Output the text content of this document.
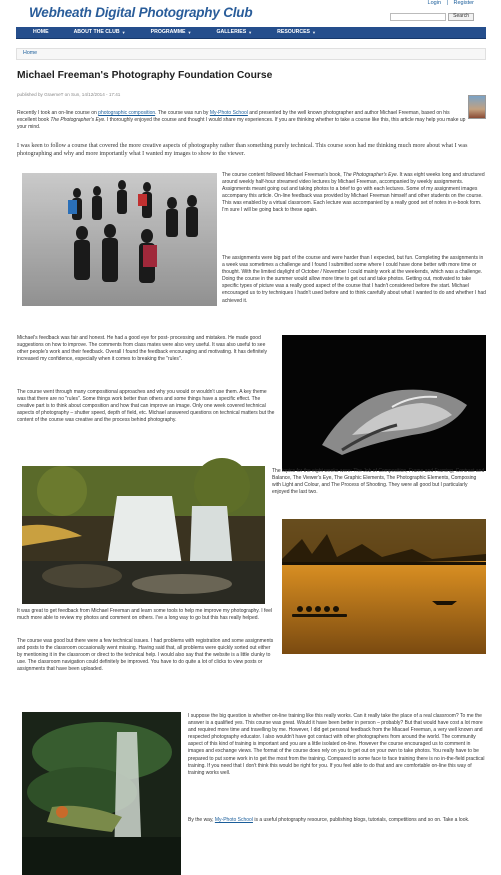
Webheath Digital Photography Club
Login | Register
Search
HOME	ABOUT THE CLUB ▼	PROGRAMME ▼	GALLERIES ▼	RESOURCES ▼
Home
Michael Freeman's Photography Foundation Course
published by GraemeT on Sun, 14/12/2014 - 17:41
Recently I took an on-line course on photographic composition. The course was run by My-Photo School and presented by the well known photographer and author Michael Freeman, based on his excellent book The Photographer's Eye. I thoroughly enjoyed the course and thought I would share my experiences. If you are thinking whether to take a course like this, this article may help you make up your mind.
I was keen to follow a course that covered the more creative aspects of photography rather than something purely technical. This course soon had me thinking much more about what I was photographing and why and more importantly what I wanted my images to show to the viewer.
The course content followed Michael Freeman's book, The Photographer's Eye. It was eight weeks long and structured around weekly half-hour streamed video lectures by Michael Freeman, accompanied by weekly assignments. Assignments meant going out and taking photos to a brief to go with each lectures. Some of my assignment images accompany this article. On-line feedback was provided by Michael Freeman himself and other students on the course. This was enabled by a virtual classroom. Each lecture was accompanied by a really good set of notes in e-book form. I'm sure I will be going back to these again.
The assignments were big part of the course and were harder than I expected, but fun. Completing the assignments in a week was sometimes a challenge and I found I submitted some where I could have done better with more time or thought. With the limited daylight of October / November I could mainly work at the weekends, which was a challenge. Doing the course in the summer would allow more time to get out and take photos. Getting out, motivated to take specific types of picture was a really good aspect of the course that I hadn't considered before the start. Michael encouraged us to try techniques I hadn't used before and to think carefully about what I wanted to do and whether I had achieved it.
Michael's feedback was fair and honest. He had a good eye for post- processing and mistakes. He made good suggestions on how to improve. The comments from class mates were also very useful. It was also useful to see other people's work and their feedback. Overall I found the feedback encouraging and motivating. It has definitely increased my confidence, especially when it comes to breaking the "rules".
The course went through many compositional approaches and why you would or wouldn't use them. A key theme was that there are no "rules". Some things work better than others and some things have a specific effect. The creative part is to think about composition and how that can improve an image. Only one week covered technical aspects of photography – shutter speed, depth of field, etc. Michael answered questions on technical matters but the content of the course was creative and the process behind photography.
The topics for the eight weeks were: The Job of Composition, Frame and Framing, Contrast and Balance, The Viewer's Eye, The Graphic Elements, The Photographic Elements, Composing with Light and Colour, and The Process of Shooting. They were all good but I particularly enjoyed the last two.
It was great to get feedback from Michael Freeman and learn some tools to help me improve my photography. I feel much more able to review my photos and comment on others. I've a long way to go but this has really helped.
The course was good but there were a few technical issues. I had problems with registration and some assignments and posts to the classroom occasionally went missing. Having said that, all problems were quickly sorted out either by mentioning it in the classroom or direct to the technical help. I would also say that the website is a little clunky to use. The classroom navigation could definitely be improved. You have to do quite a lot of clicks to view posts or assignments that have been uploaded.
I suppose the big question is whether on-line training like this really works. Can it really take the place of a real classroom? To me the answer is a qualified yes. This course was great. Would it have been better in person – probably? But that would have cost a lot more and required more time and travelling by me. However, I did get personal feedback from the Miacael Freeman, a very well known and respected photography educator. I also wouldn't have got contact with other photographers from around the world. The community aspect of this kind of training is important and you are a little isolated on-line. However the course encouraged us to comment in images and exchange views. The format of the course does rely on you to get out on your own to take photos. You really have to be prepared to put some work in to get the most from the training. Compared to some face to face training there is no in-the-field practical training. If you need that I don't think this would be right for you. If you feel able to do that and are comfortable on-line this way of training works well.
By the way, My-Photo School is a useful photography resource, publishing blogs, tutorials, competitions and so on. Take a look.
